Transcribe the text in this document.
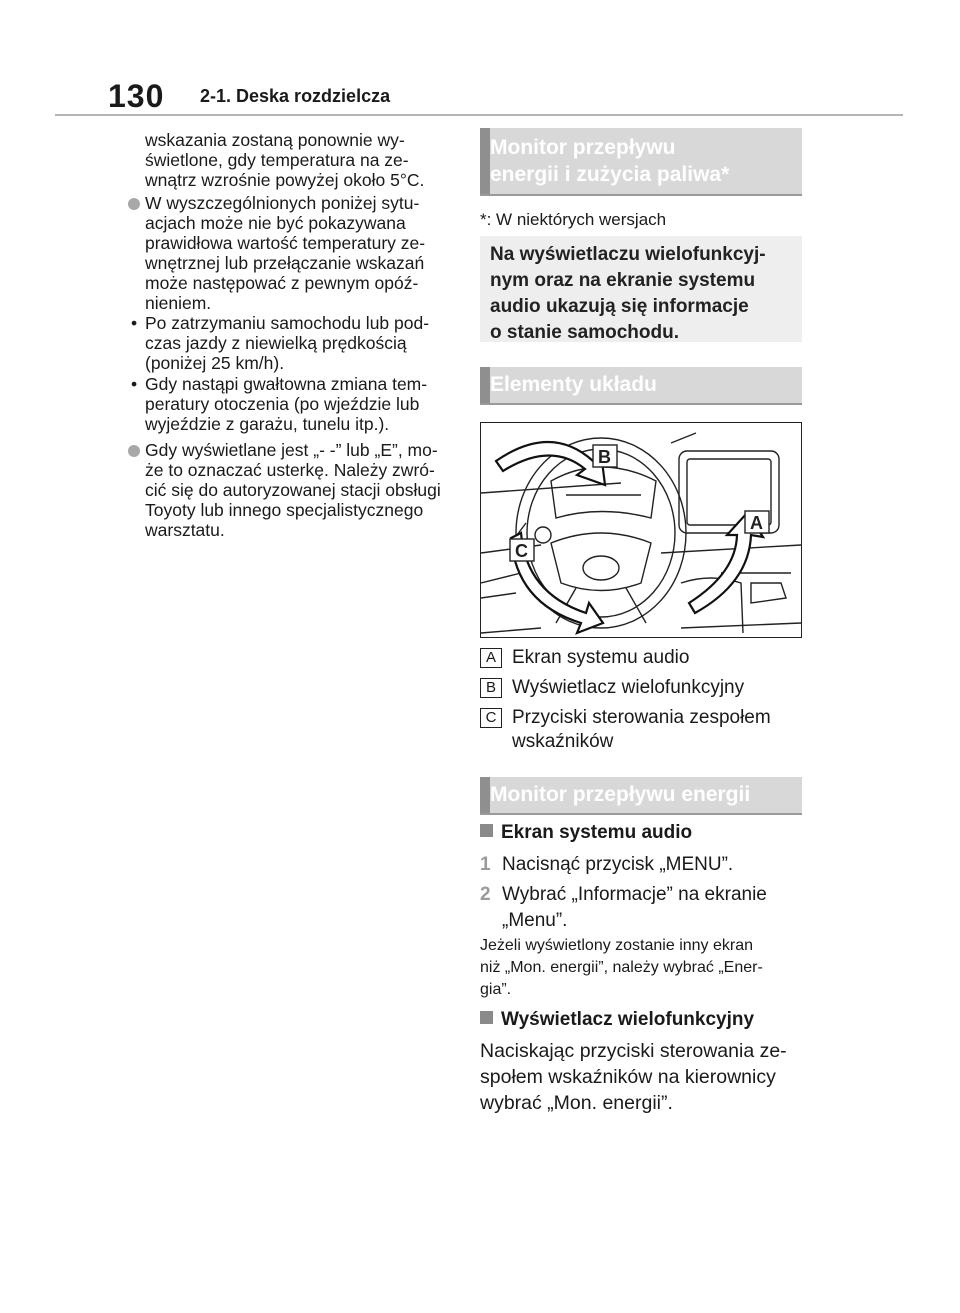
130 2-1. Deska rozdzielcza

wskazania zostaną ponownie wy-

świetlone, gdy temperatura na ze-

wnątrz wzrośnie powyżej około 5°C.

W wyszczególnionych poniżej sytu-

acjach może nie być pokazywana

prawidłowa wartość temperatury ze-

wnętrznej lub przełączanie wskazań

może następować z pewnym opóź-

nieniem.

• Po zatrzymaniu samochodu lub pod-

czas jazdy z niewielką prędkością

(poniżej 25 km/h).

• Gdy nastąpi gwałtowna zmiana tem-

peratury otoczenia (po wjeździe lub

wyjeździe z garażu, tunelu itp.).

Gdy wyświetlane jest „- -” lub „E”, mo-

że to oznaczać usterkę. Należy zwró-

cić się do autoryzowanej stacji obsługi

Toyoty lub innego specjalistycznego

warsztatu.

Monitor przepływu
energii i zużycia paliwa*
*: W niektórych wersjach

Na wyświetlaczu wielofunkcyj-

nym oraz na ekranie systemu

audio ukazują się informacje

o stanie samochodu.

Elementy układu
B
A
C
A Ekran systemu audio
B Wyświetlacz wielofunkcyjny
C Przyciski sterowania zespołem
wskaźników
Monitor przepływu energii
Ekran systemu audio
1 Nacisnąć przycisk „MENU”.
2 Wybrać „Informacje” na ekranie
„Menu”.
Jeżeli wyświetlony zostanie inny ekran
niż „Mon. energii”, należy wybrać „Ener-
gia”.
Wyświetlacz wielofunkcyjny
Naciskając przyciski sterowania ze-
społem wskaźników na kierownicy
wybrać „Mon. energii”.
